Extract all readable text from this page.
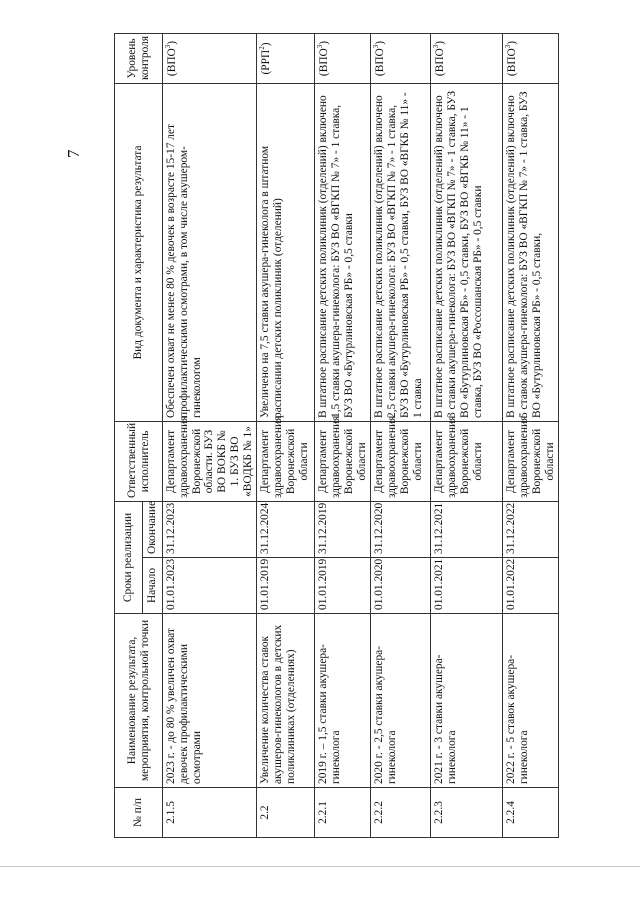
7
№ п/п	Наименование результата, мероприятия, контрольной точки	Сроки реализации		Ответственный исполнитель	Вид документа и характеристика результата	Уровень контроля
		Начало	Окончание			
2.1.5	2023 г. - до 80 % увеличен охват девочек профилактическими осмотрами	01.01.2023	31.12.2023	Департамент здравоохранения Воронежской области. БУЗ ВО ВОКБ № 1. БУЗ ВО «ВОДКБ № 1»	Обеспечен охват не менее 80 % девочек в возрасте 15-17 лет профилактическими осмотрами, в том числе акушером-гинекологом	(ВПО$^3$)
2.2	Увеличение количества ставок акушеров-гинекологов в детских поликлиниках (отделениях)	01.01.2019	31.12.2024	Департамент здравоохранения Воронежской области	Увеличено на 7,5 ставки акушера-гинеколога в штатном расписании детских поликлиник (отделений)	(РРП$^2$)
2.2.1	2019 г. – 1,5 ставки акушера-гинеколога	01.01.2019	31.12.2019	Департамент здравоохранения Воронежской области	В штатное расписание детских поликлиник (отделений) включено 1,5 ставки акушера-гинеколога: БУЗ ВО «ВГКП № 7» - 1 ставка, БУЗ ВО «Бутурлиновская РБ» - 0,5 ставки	(ВПО$^3$)
2.2.2	2020 г. - 2,5 ставки акушера-гинеколога	01.01.2020	31.12.2020	Департамент здравоохранения Воронежской области	В штатное расписание детских поликлиник (отделений) включено 2,5 ставки акушера-гинеколога: БУЗ ВО «ВГКП № 7» - 1 ставка, БУЗ ВО «Бутурлиновская РБ» - 0,5 ставки, БУЗ ВО «ВГКБ № 11» - 1 ставка	(ВПО$^3$)
2.2.3	2021 г. - 3 ставки акушера-гинеколога	01.01.2021	31.12.2021	Департамент здравоохранения Воронежской области	В штатное расписание детских поликлиник (отделений) включено 3 ставки акушера-гинеколога: БУЗ ВО «ВГКП № 7» - 1 ставка, БУЗ ВО «Бутурлиновская РБ» - 0,5 ставки, БУЗ ВО «ВГКБ № 11» - 1 ставка, БУЗ ВО «Россошанская РБ» - 0,5 ставки	(ВПО$^3$)
2.2.4	2022 г. - 5 ставок акушера-гинеколога	01.01.2022	31.12.2022	Департамент здравоохранения Воронежской области	В штатное расписание детских поликлиник (отделений) включено 5 ставок акушера-гинеколога: БУЗ ВО «ВГКП № 7» - 1 ставка, БУЗ ВО «Бутурлиновская РБ» - 0,5 ставки,	(ВПО$^3$)
